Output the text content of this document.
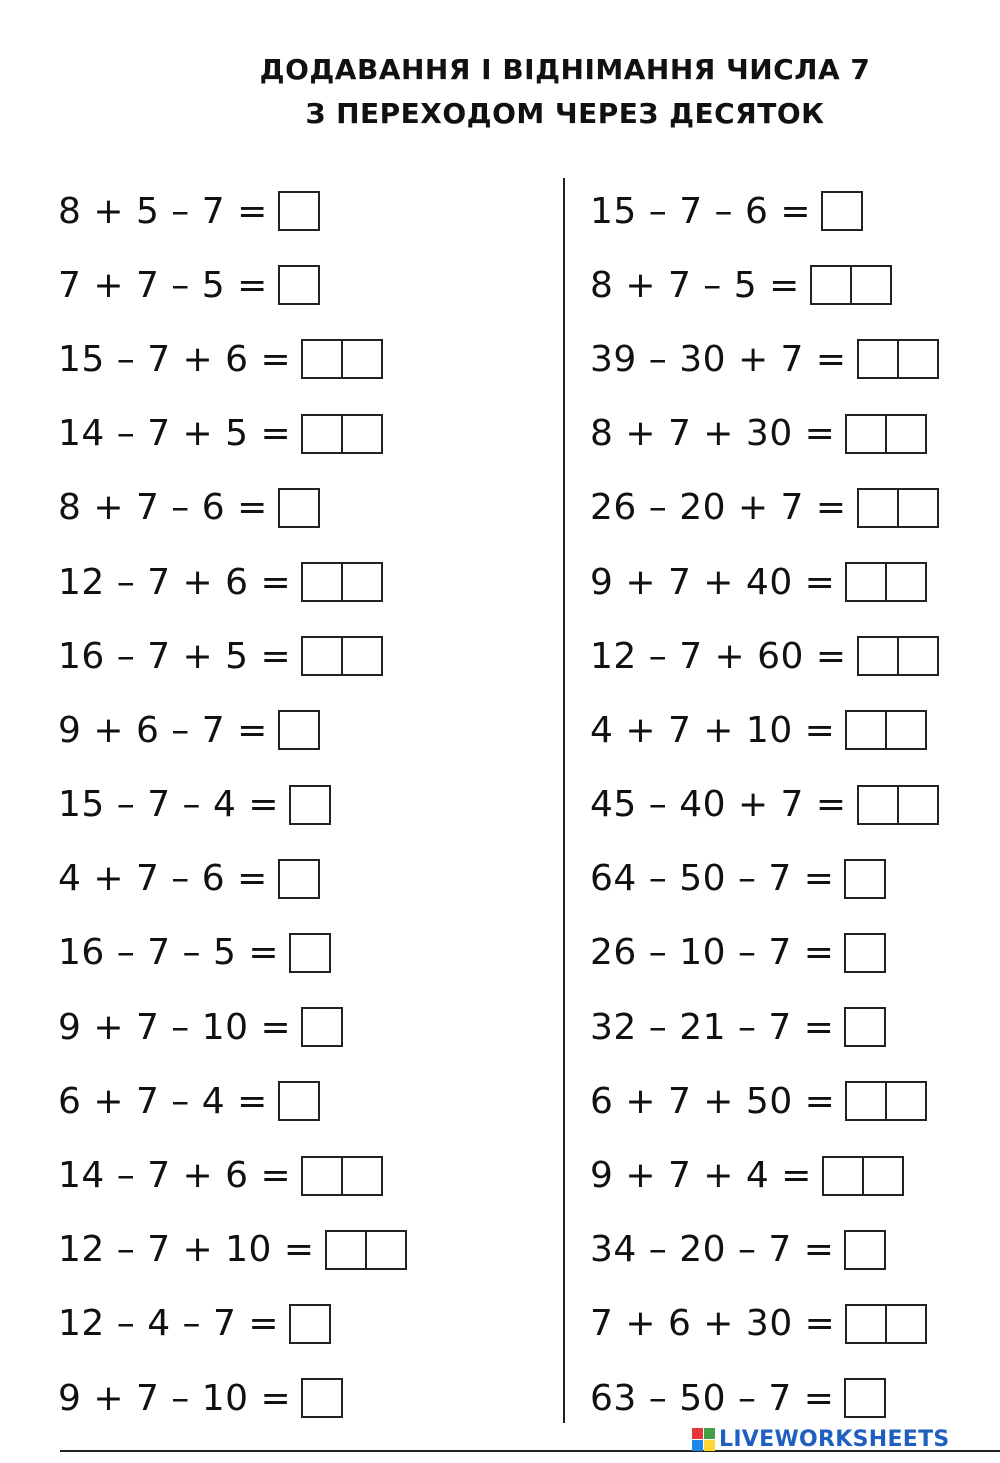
ДОДАВАННЯ І ВІДНІМАННЯ ЧИСЛА 7
З ПЕРЕХОДОМ ЧЕРЕЗ ДЕСЯТОК
8 + 5 – 7 =
7 + 7 – 5 =
15 – 7 + 6 =
14 – 7 + 5 =
8 + 7 – 6 =
12 – 7 + 6 =
16 – 7 + 5 =
9 + 6 – 7 =
15 – 7 – 4 =
4 + 7 – 6 =
16 – 7 – 5 =
9 + 7 – 10 =
6 + 7 – 4 =
14 – 7 + 6 =
12 – 7 + 10 =
12 – 4 – 7 =
9 + 7 – 10 =
15 – 7 – 6 =
8 + 7 – 5 =
39 – 30 + 7 =
8 + 7 + 30 =
26 – 20 + 7 =
9 + 7 + 40 =
12 – 7 + 60 =
4 + 7 + 10 =
45 – 40 + 7 =
64 – 50 – 7 =
26 – 10 – 7 =
32 – 21 – 7 =
6 + 7 + 50 =
9 + 7 + 4 =
34 – 20 – 7 =
7 + 6 + 30 =
63 – 50 – 7 =
LIVEWORKSHEETS
